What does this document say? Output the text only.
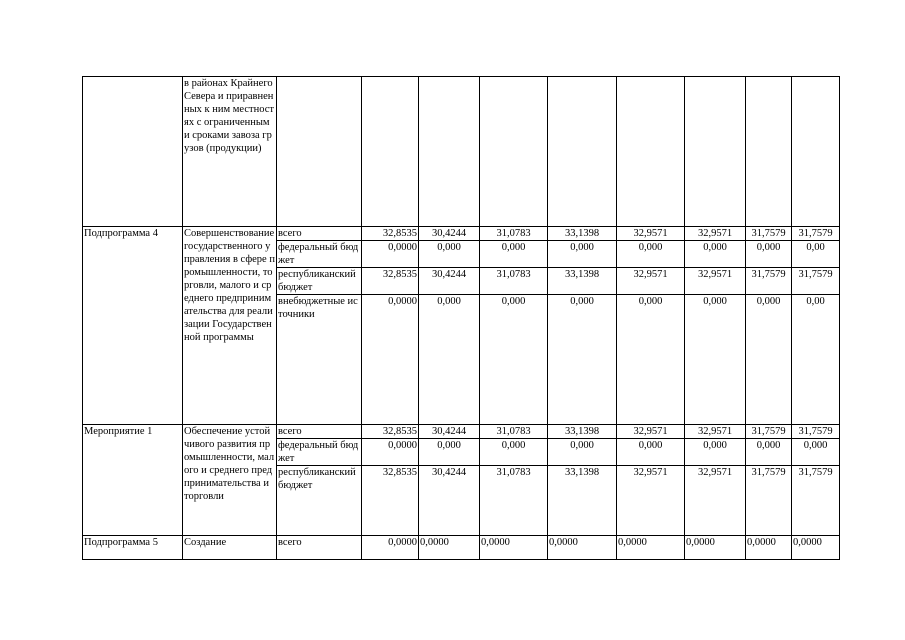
	в районах Крайнего Севера и приравненных к ним местностях с ограниченными сроками завоза грузов (продукции)									
Подпрограмма 4	Совершенствование государственного управления в сфере промышленности, торговли, малого и среднего предпринимательства для реализации Государственной программы	всего	32,8535	30,4244	31,0783	33,1398	32,9571	32,9571	31,7579	31,7579
		федеральный бюджет	0,0000	0,000	0,000	0,000	0,000	0,000	0,000	0,00
		республиканский бюджет	32,8535	30,4244	31,0783	33,1398	32,9571	32,9571	31,7579	31,7579
		внебюджетные источники	0,0000	0,000	0,000	0,000	0,000	0,000	0,000	0,00
Мероприятие 1	Обеспечение устойчивого развития промышленности, малого и среднего предпринимательства и торговли	всего	32,8535	30,4244	31,0783	33,1398	32,9571	32,9571	31,7579	31,7579
		федеральный бюджет	0,0000	0,000	0,000	0,000	0,000	0,000	0,000	0,000
		республиканский бюджет	32,8535	30,4244	31,0783	33,1398	32,9571	32,9571	31,7579	31,7579
Подпрограмма 5	Создание	всего	0,0000	0,0000	0,0000	0,0000	0,0000	0,0000	0,0000	0,0000
